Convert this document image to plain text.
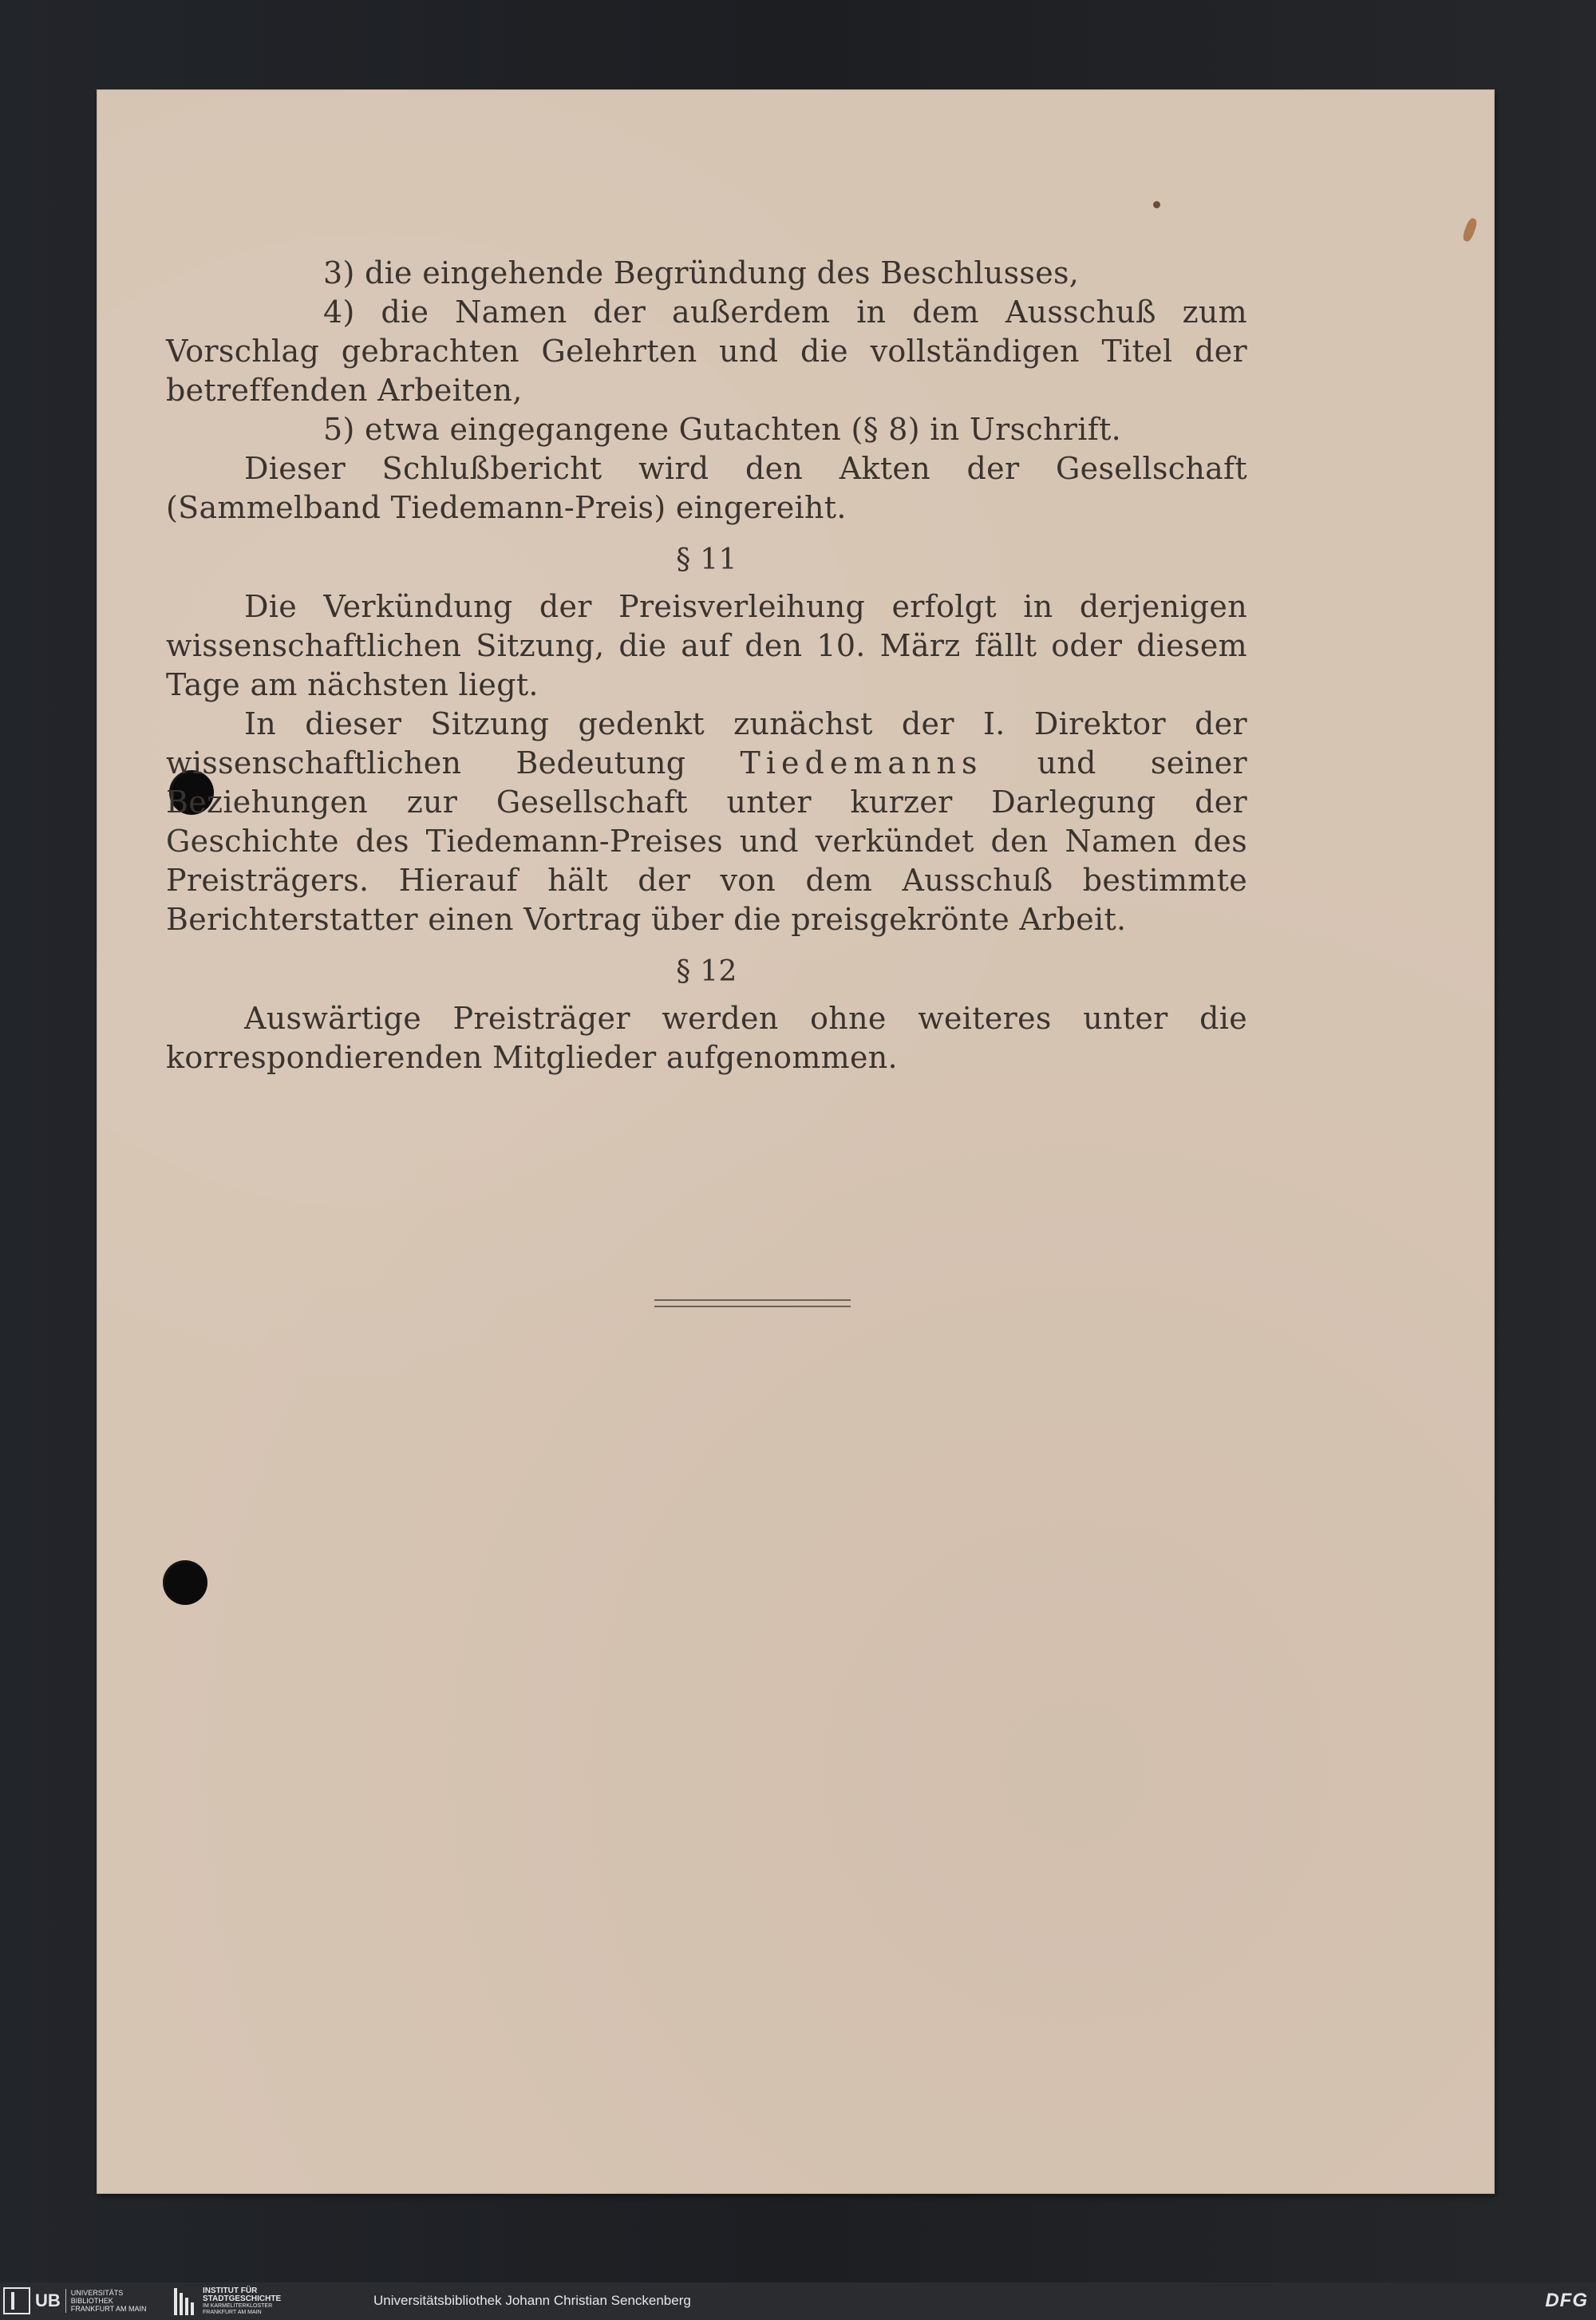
3) die eingehende Begründung des Beschlusses,

4) die Namen der außerdem in dem Ausschuß zum Vorschlag gebrachten Gelehrten und die vollständigen Titel der betreffenden Arbeiten,

5) etwa eingegangene Gutachten (§ 8) in Urschrift.

Dieser Schlußbericht wird den Akten der Gesellschaft (Sammelband Tiedemann-Preis) eingereiht.

§ 11

Die Verkündung der Preisverleihung erfolgt in derjenigen wissenschaftlichen Sitzung, die auf den 10. März fällt oder diesem Tage am nächsten liegt.

In dieser Sitzung gedenkt zunächst der I. Direktor der wissenschaftlichen Bedeutung Tiedemanns und seiner Beziehungen zur Gesellschaft unter kurzer Darlegung der Geschichte des Tiedemann-Preises und verkündet den Namen des Preisträgers. Hierauf hält der von dem Ausschuß bestimmte Berichterstatter einen Vortrag über die preisgekrönte Arbeit.

§ 12

Auswärtige Preisträger werden ohne weiteres unter die korrespondierenden Mitglieder aufgenommen.

UB UNIVERSITÄTS
BIBLIOTHEK
FRANKFURT AM MAIN
INSTITUT FÜR
STADTGESCHICHTE
IM KARMELITERKLOSTER
FRANKFURT AM MAIN
Universitätsbibliothek Johann Christian Senckenberg	DFG
